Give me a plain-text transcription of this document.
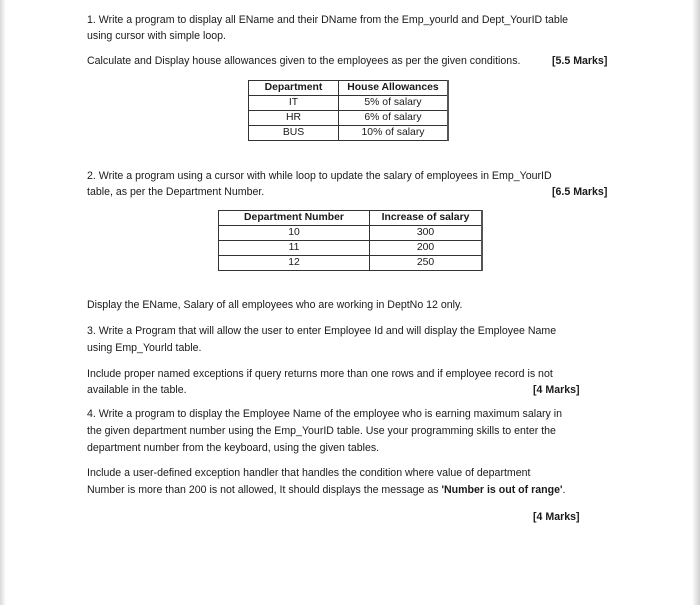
1. Write a program to display all EName and their DName from the Emp_yourld and Dept_YourID table
using cursor with simple loop.
Calculate and Display house allowances given to the employees as per the given conditions.	[5.5 Marks]
Department	House Allowances
IT	5% of salary
HR	6% of salary
BUS	10% of salary
2. Write a program using a cursor with while loop to update the salary of employees in Emp_YourID
table, as per the Department Number.	[6.5 Marks]
Department Number	Increase of salary
10	300
11	200
12	250
Display the EName, Salary of all employees who are working in DeptNo 12 only.
3. Write a Program that will allow the user to enter Employee Id and will display the Employee Name
using Emp_Yourld table.
Include proper named exceptions if query returns more than one rows and if employee record is not
available in the table.	[4 Marks]
4. Write a program to display the Employee Name of the employee who is earning maximum salary in
the given department number using the Emp_YourID table. Use your programming skills to enter the
department number from the keyboard, using the given tables.
Include a user-defined exception handler that handles the condition where value of department
Number is more than 200 is not allowed, It should displays the message as 'Number is out of range'.
[4 Marks]
